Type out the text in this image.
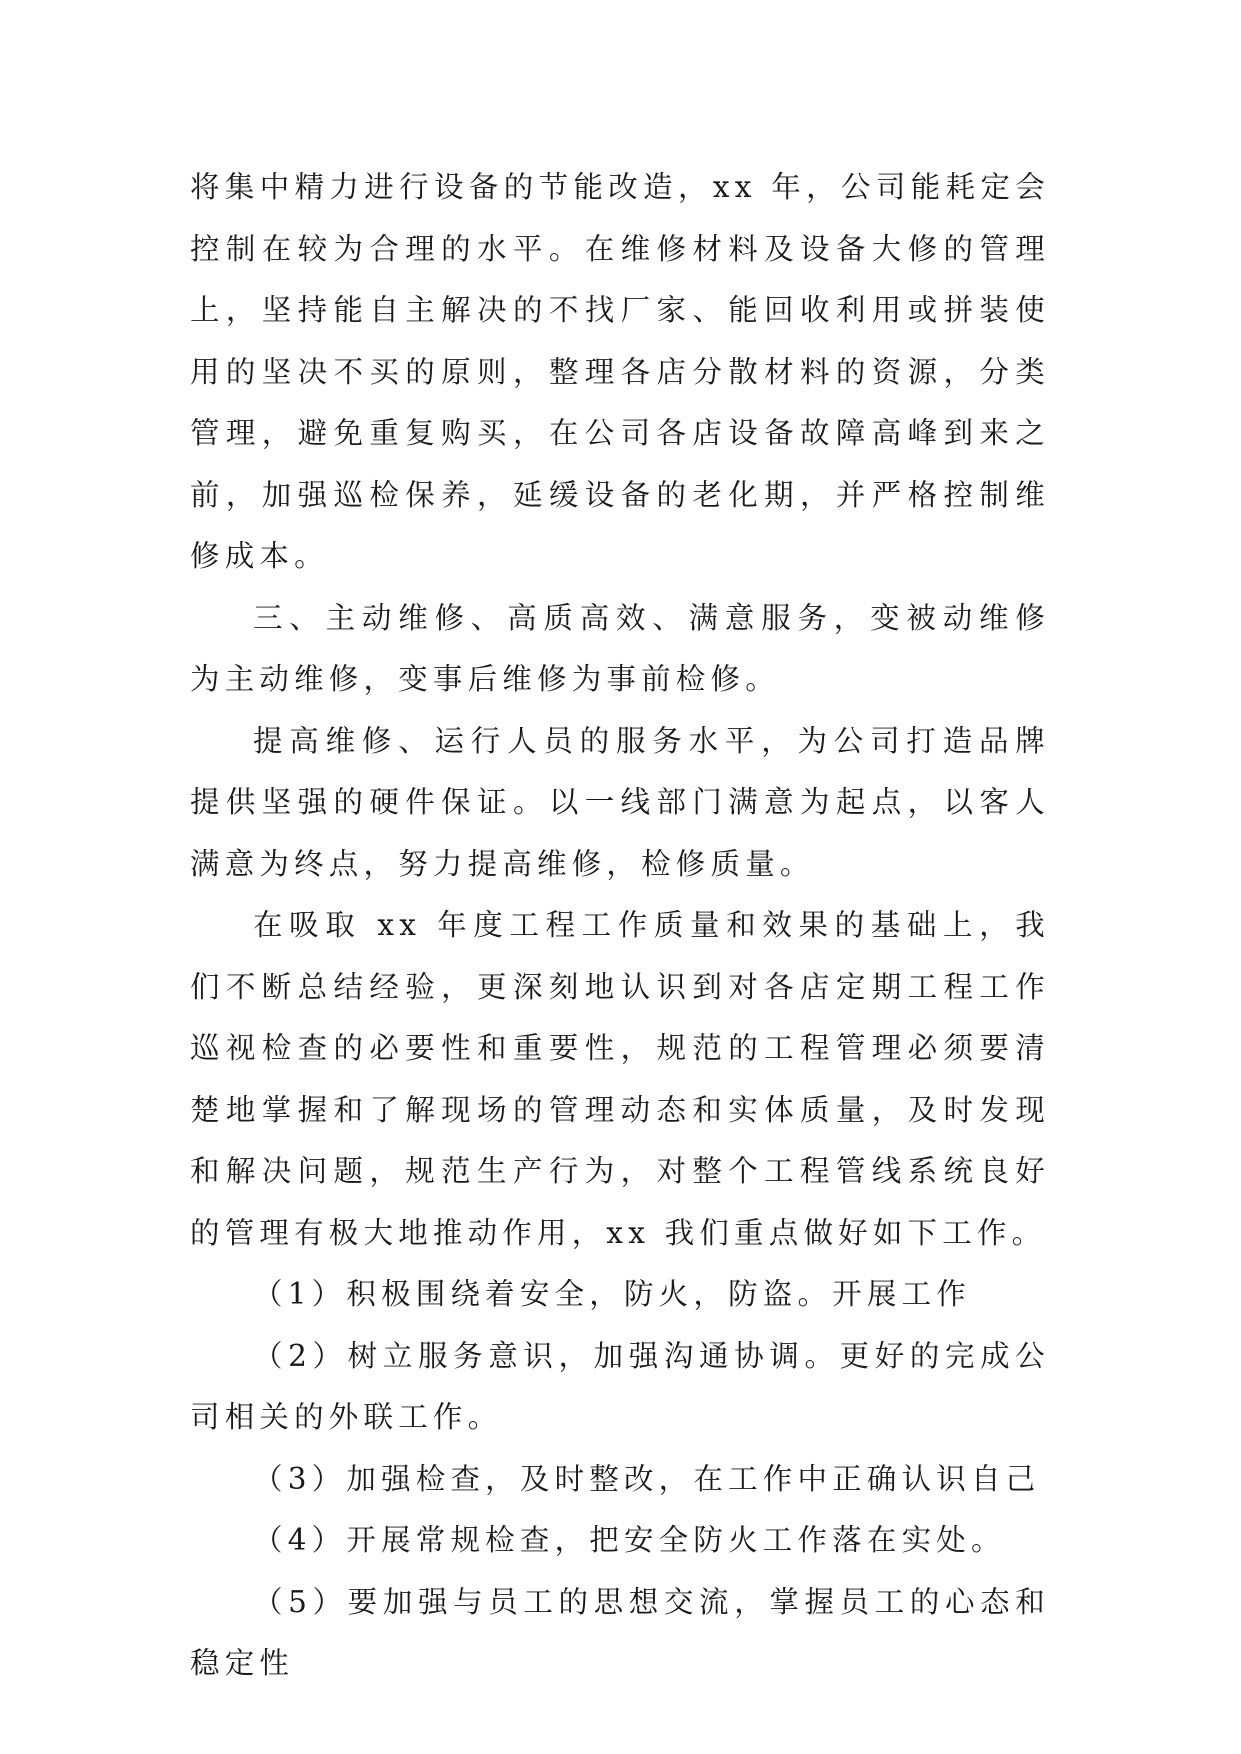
将集中精力进行设备的节能改造，xx 年，公司能耗定会控制在较为合理的水平。在维修材料及设备大修的管理上，坚持能自主解决的不找厂家、能回收利用或拼装使用的坚决不买的原则，整理各店分散材料的资源，分类管理，避免重复购买，在公司各店设备故障高峰到来之前，加强巡检保养，延缓设备的老化期，并严格控制维修成本。

三、主动维修、高质高效、满意服务，变被动维修为主动维修，变事后维修为事前检修。

提高维修、运行人员的服务水平，为公司打造品牌提供坚强的硬件保证。以一线部门满意为起点，以客人满意为终点，努力提高维修，检修质量。

在吸取 xx 年度工程工作质量和效果的基础上，我们不断总结经验，更深刻地认识到对各店定期工程工作巡视检查的必要性和重要性，规范的工程管理必须要清楚地掌握和了解现场的管理动态和实体质量，及时发现和解决问题，规范生产行为，对整个工程管线系统良好的管理有极大地推动作用，xx 我们重点做好如下工作。

（1）积极围绕着安全，防火，防盗。开展工作

（2）树立服务意识，加强沟通协调。更好的完成公司相关的外联工作。

（3）加强检查，及时整改，在工作中正确认识自己

（4）开展常规检查，把安全防火工作落在实处。

（5）要加强与员工的思想交流，掌握员工的心态和稳定性
